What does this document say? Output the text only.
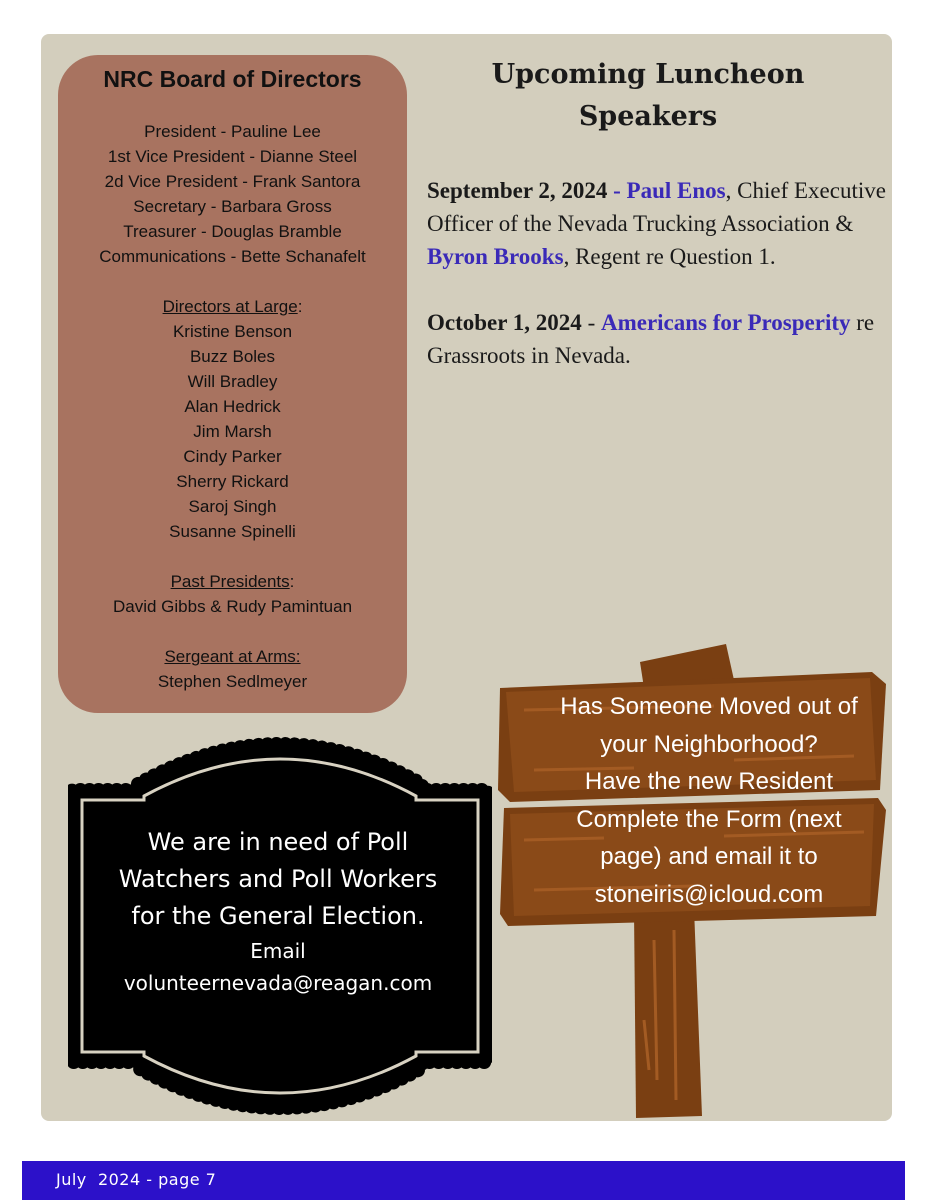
NRC Board of Directors
President - Pauline Lee
1st Vice President - Dianne Steel
2d Vice President - Frank Santora
Secretary - Barbara Gross
Treasurer - Douglas Bramble
Communications - Bette Schanafelt
Directors at Large:
Kristine Benson
Buzz Boles
Will Bradley
Alan Hedrick
Jim Marsh
Cindy Parker
Sherry Rickard
Saroj Singh
Susanne Spinelli
Past Presidents:
David Gibbs & Rudy Pamintuan
Sergeant at Arms:
Stephen Sedlmeyer
Upcoming Luncheon
Speakers
September 2, 2024 - Paul Enos, Chief Executive Officer of the Nevada Trucking Association & Byron Brooks, Regent re Question 1.
October 1, 2024 - Americans for Prosperity re Grassroots in Nevada.
We are in need of Poll
Watchers and Poll Workers
for the General Election.
Email
volunteernevada@reagan.com
Has Someone Moved out of
your Neighborhood?
Have the new Resident
Complete the Form (next
page) and email it to
stoneiris@icloud.com
July  2024 - page 7
